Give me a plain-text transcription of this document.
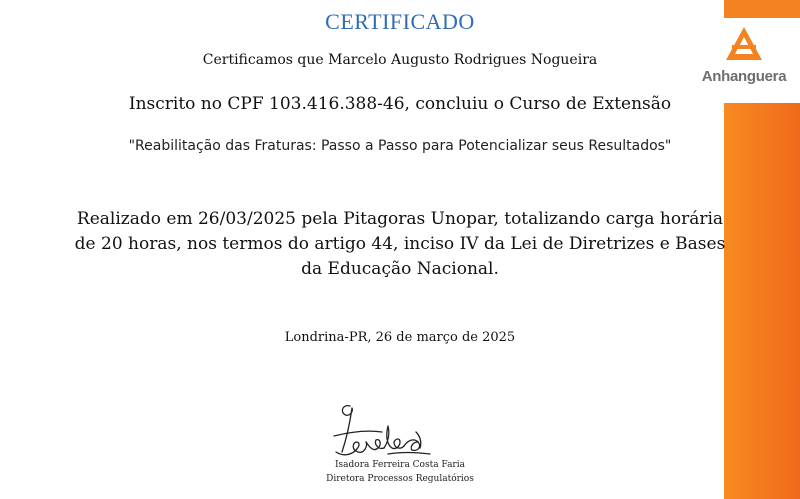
Anhanguera
CERTIFICADO
Certificamos que Marcelo Augusto Rodrigues Nogueira
Inscrito no CPF 103.416.388-46, concluiu o Curso de Extensão
"Reabilitação das Fraturas: Passo a Passo para Potencializar seus Resultados"
Realizado em 26/03/2025 pela Pitagoras Unopar, totalizando carga horária de 20 horas, nos termos do artigo 44, inciso IV da Lei de Diretrizes e Bases da Educação Nacional.
Londrina-PR, 26 de março de 2025
Isadora Ferreira Costa Faria
Diretora Processos Regulatórios
